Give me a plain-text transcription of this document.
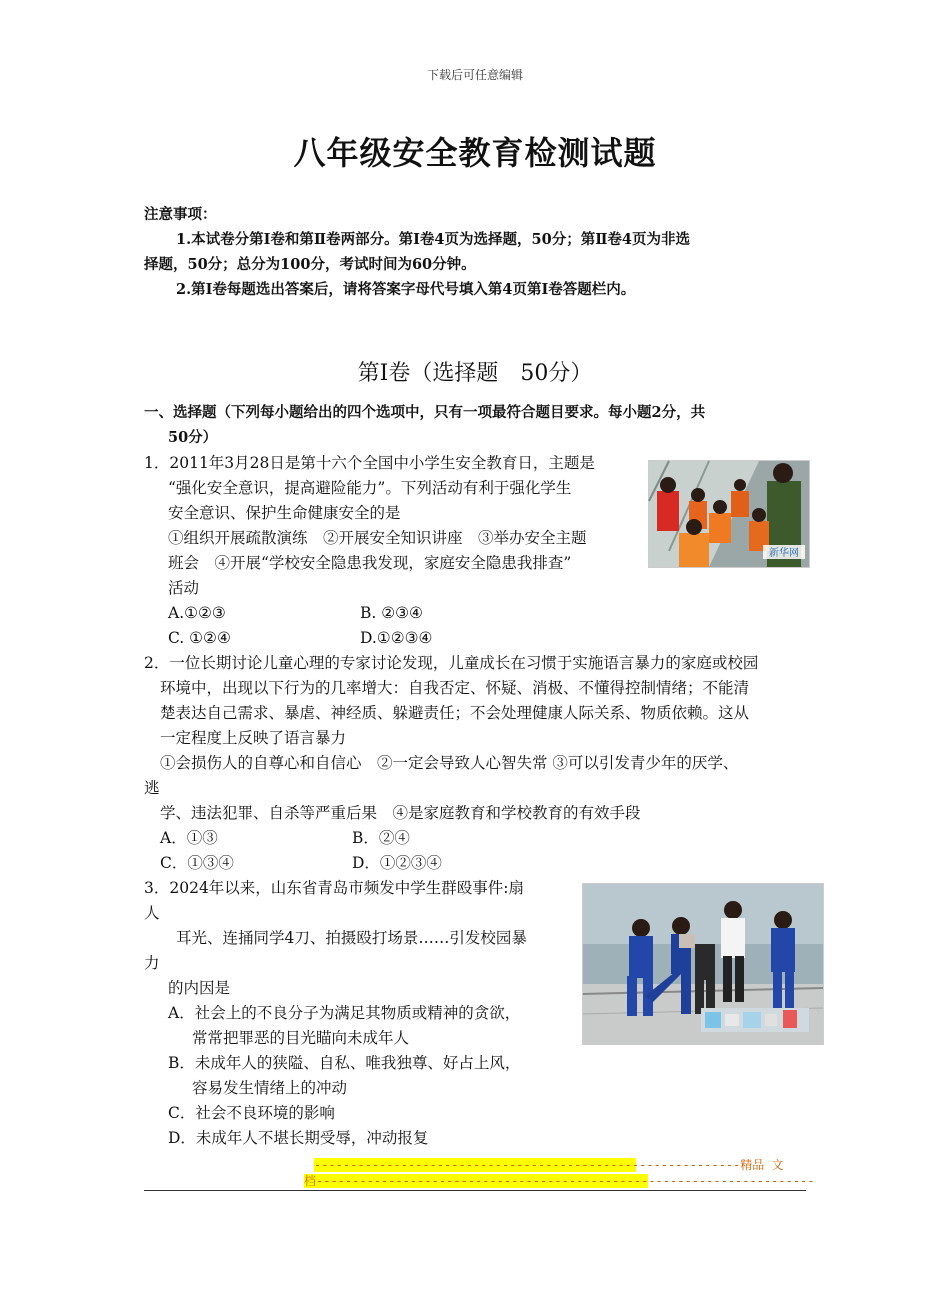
下载后可任意编辑
八年级安全教育检测试题
注意事项：
1.本试卷分第Ⅰ卷和第Ⅱ卷两部分。第Ⅰ卷4页为选择题，50分；第Ⅱ卷4页为非选
择题，50分；总分为100分，考试时间为60分钟。
2.第Ⅰ卷每题选出答案后，请将答案字母代号填入第4页第Ⅰ卷答题栏内。
第Ⅰ卷（选择题　50分）
一、选择题（下列每小题给出的四个选项中，只有一项最符合题目要求。每小题2分，共
50分）
1．2011年3月28日是第十六个全国中小学生安全教育日，主题是
“强化安全意识，提高避险能力”。下列活动有利于强化学生
安全意识、保护生命健康安全的是
①组织开展疏散演练　②开展安全知识讲座　③举办安全主题
班会　④开展“学校安全隐患我发现，家庭安全隐患我排查”
活动
A.①②③	B. ②③④
C. ①②④	D.①②③④
新华网
2．一位长期讨论儿童心理的专家讨论发现，儿童成长在习惯于实施语言暴力的家庭或校园
环境中，出现以下行为的几率增大：自我否定、怀疑、消极、不懂得控制情绪；不能清
楚表达自己需求、暴虐、神经质、躲避责任；不会处理健康人际关系、物质依赖。这从
一定程度上反映了语言暴力
①会损伤人的自尊心和自信心　②一定会导致人心智失常 ③可以引发青少年的厌学、
逃
学、违法犯罪、自杀等严重后果　④是家庭教育和学校教育的有效手段
A．①③	B．②④
C．①③④	D．①②③④
3．2024年以来，山东省青岛市频发中学生群殴事件:扇
人
耳光、连捅同学4刀、拍摄殴打场景……引发校园暴
力
的内因是
A．社会上的不良分子为满足其物质或精神的贪欲，
常常把罪恶的目光瞄向未成年人
B．未成年人的狭隘、自私、唯我独尊、好占上风，
容易发生情绪上的冲动
C．社会不良环境的影响
D．未成年人不堪长期受辱，冲动报复
-----------------------------------------------------------精品 文
档---------------------------------------------------------------------
